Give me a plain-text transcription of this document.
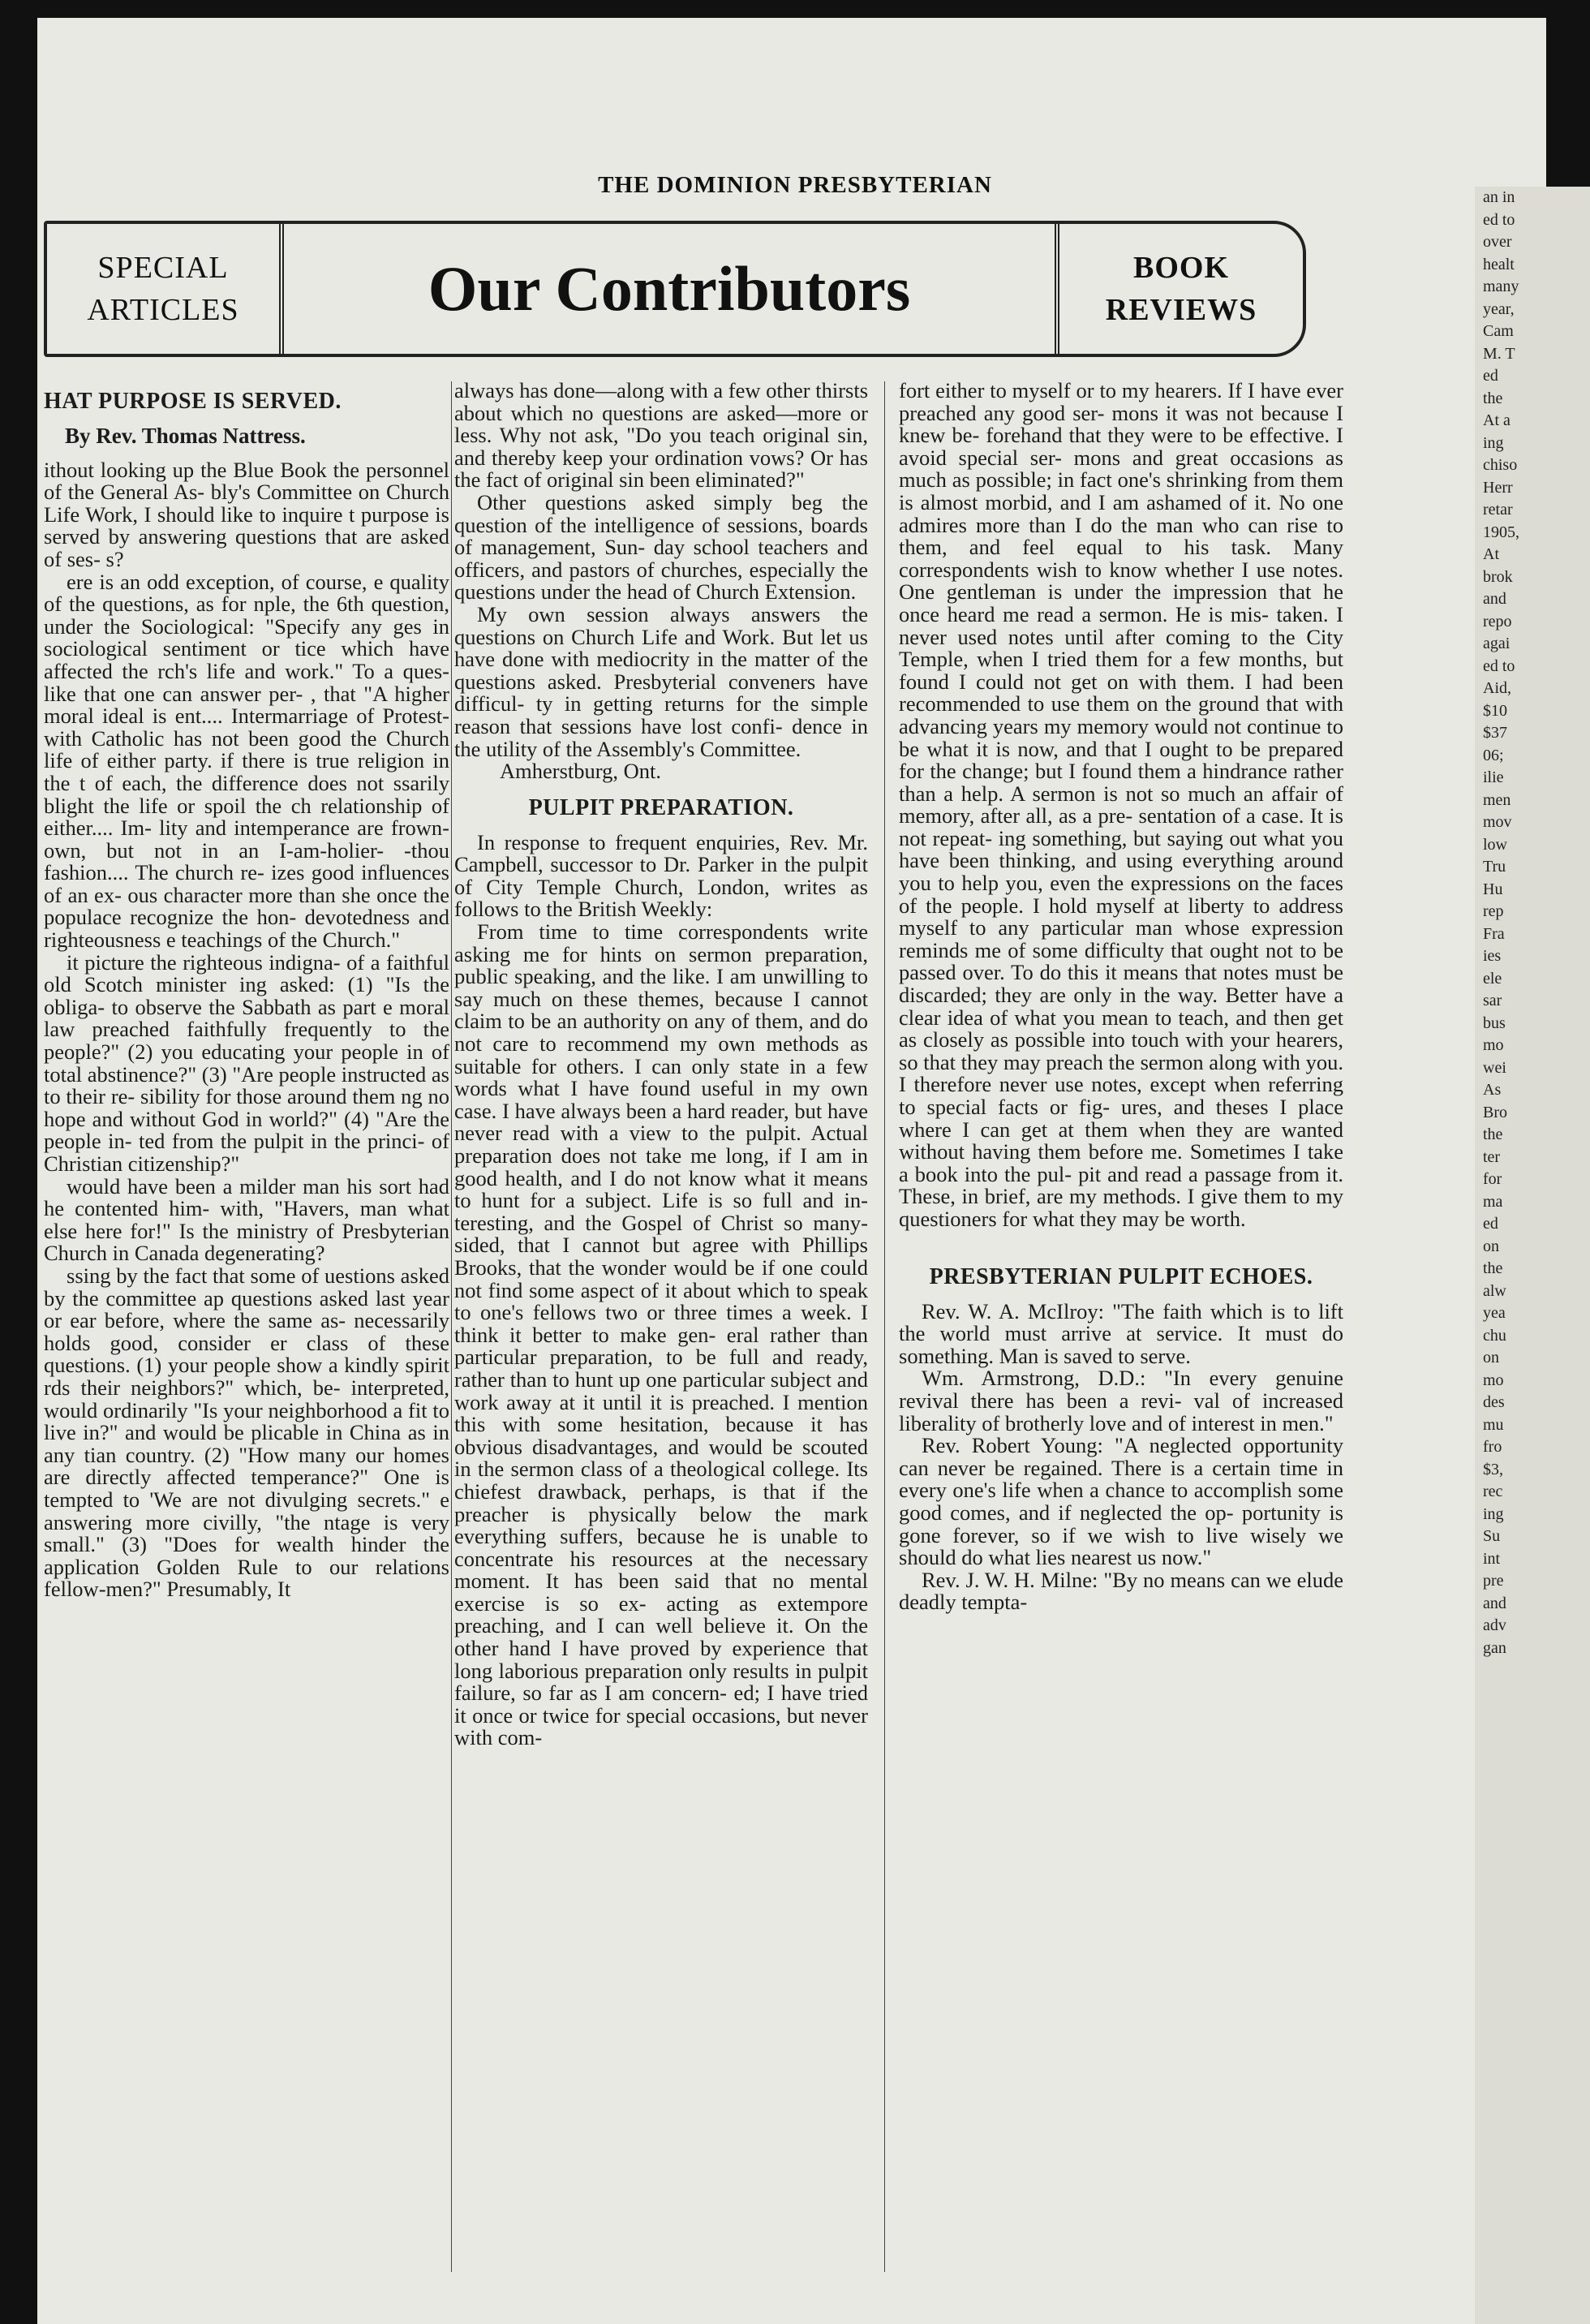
an in
ed to
over
healt
many
year,
Cam
M. T
ed
the
At a
ing
chiso
Herr
retar
1905,
At
brok
and
repo
agai
ed to
Aid,
$10
$37
06;
ilie
men
mov
low
Tru
Hu
rep
Fra
ies
ele
sar
bus
mo
wei
As
Bro
the
ter
for
ma
ed
on
the
alw
yea
chu
on
mo
des
mu
fro
$3,
rec
ing
Su
int
pre
and
adv
gan
THE DOMINION PRESBYTERIAN
SPECIAL ARTICLES	Our Contributors	BOOK REVIEWS
HAT PURPOSE IS SERVED.
By Rev. Thomas Nattress.

ithout looking up the Blue Book the personnel of the General As- bly's Committee on Church Life Work, I should like to inquire t purpose is served by answering questions that are asked of ses- s?

ere is an odd exception, of course, e quality of the questions, as for nple, the 6th question, under the Sociological: "Specify any ges in sociological sentiment or tice which have affected the rch's life and work." To a ques- like that one can answer per- , that "A higher moral ideal is ent.... Intermarriage of Protest- with Catholic has not been good the Church life of either party. if there is true religion in the t of each, the difference does not ssarily blight the life or spoil the ch relationship of either.... Im- lity and intemperance are frown- own, but not in an I-am-holier- -thou fashion.... The church re- izes good influences of an ex- ous character more than she once the populace recognize the hon- devotedness and righteousness e teachings of the Church."

it picture the righteous indigna- of a faithful old Scotch minister ing asked: (1) "Is the obliga- to observe the Sabbath as part e moral law preached faithfully frequently to the people?" (2) you educating your people in of total abstinence?" (3) "Are people instructed as to their re- sibility for those around them ng no hope and without God in world?" (4) "Are the people in- ted from the pulpit in the princi- of Christian citizenship?"

would have been a milder man his sort had he contented him- with, "Havers, man what else here for!" Is the ministry of Presbyterian Church in Canada degenerating?

ssing by the fact that some of uestions asked by the committee ap questions asked last year or ear before, where the same as- necessarily holds good, consider er class of these questions. (1) your people show a kindly spirit rds their neighbors?" which, be- interpreted, would ordinarily "Is your neighborhood a fit to live in?" and would be plicable in China as in any tian country. (2) "How many our homes are directly affected temperance?" One is tempted to 'We are not divulging secrets." e answering more civilly, "the ntage is very small." (3) "Does for wealth hinder the application Golden Rule to our relations fellow-men?" Presumably, It

always has done—along with a few other thirsts about which no questions are asked—more or less. Why not ask, "Do you teach original sin, and thereby keep your ordination vows? Or has the fact of original sin been eliminated?"

Other questions asked simply beg the question of the intelligence of sessions, boards of management, Sun- day school teachers and officers, and pastors of churches, especially the questions under the head of Church Extension.

My own session always answers the questions on Church Life and Work. But let us have done with mediocrity in the matter of the questions asked. Presbyterial conveners have difficul- ty in getting returns for the simple reason that sessions have lost confi- dence in the utility of the Assembly's Committee.

Amherstburg, Ont.

PULPIT PREPARATION.

In response to frequent enquiries, Rev. Mr. Campbell, successor to Dr. Parker in the pulpit of City Temple Church, London, writes as follows to the British Weekly:

From time to time correspondents write asking me for hints on sermon preparation, public speaking, and the like. I am unwilling to say much on these themes, because I cannot claim to be an authority on any of them, and do not care to recommend my own methods as suitable for others. I can only state in a few words what I have found useful in my own case. I have always been a hard reader, but have never read with a view to the pulpit. Actual preparation does not take me long, if I am in good health, and I do not know what it means to hunt for a subject. Life is so full and in- teresting, and the Gospel of Christ so many-sided, that I cannot but agree with Phillips Brooks, that the wonder would be if one could not find some aspect of it about which to speak to one's fellows two or three times a week. I think it better to make gen- eral rather than particular preparation, to be full and ready, rather than to hunt up one particular subject and work away at it until it is preached. I mention this with some hesitation, because it has obvious disadvantages, and would be scouted in the sermon class of a theological college. Its chiefest drawback, perhaps, is that if the preacher is physically below the mark everything suffers, because he is unable to concentrate his resources at the necessary moment. It has been said that no mental exercise is so ex- acting as extempore preaching, and I can well believe it. On the other hand I have proved by experience that long laborious preparation only results in pulpit failure, so far as I am concern- ed; I have tried it once or twice for special occasions, but never with com-

fort either to myself or to my hearers. If I have ever preached any good ser- mons it was not because I knew be- forehand that they were to be effective. I avoid special ser- mons and great occasions as much as possible; in fact one's shrinking from them is almost morbid, and I am ashamed of it. No one admires more than I do the man who can rise to them, and feel equal to his task. Many correspondents wish to know whether I use notes. One gentleman is under the impression that he once heard me read a sermon. He is mis- taken. I never used notes until after coming to the City Temple, when I tried them for a few months, but found I could not get on with them. I had been recommended to use them on the ground that with advancing years my memory would not continue to be what it is now, and that I ought to be prepared for the change; but I found them a hindrance rather than a help. A sermon is not so much an affair of memory, after all, as a pre- sentation of a case. It is not repeat- ing something, but saying out what you have been thinking, and using everything around you to help you, even the expressions on the faces of the people. I hold myself at liberty to address myself to any particular man whose expression reminds me of some difficulty that ought not to be passed over. To do this it means that notes must be discarded; they are only in the way. Better have a clear idea of what you mean to teach, and then get as closely as possible into touch with your hearers, so that they may preach the sermon along with you. I therefore never use notes, except when referring to special facts or fig- ures, and theses I place where I can get at them when they are wanted without having them before me. Sometimes I take a book into the pul- pit and read a passage from it. These, in brief, are my methods. I give them to my questioners for what they may be worth.

PRESBYTERIAN PULPIT ECHOES.

Rev. W. A. McIlroy: "The faith which is to lift the world must arrive at service. It must do something. Man is saved to serve.

Wm. Armstrong, D.D.: "In every genuine revival there has been a revi- val of increased liberality of brotherly love and of interest in men."

Rev. Robert Young: "A neglected opportunity can never be regained. There is a certain time in every one's life when a chance to accomplish some good comes, and if neglected the op- portunity is gone forever, so if we wish to live wisely we should do what lies nearest us now."

Rev. J. W. H. Milne: "By no means can we elude deadly tempta-
